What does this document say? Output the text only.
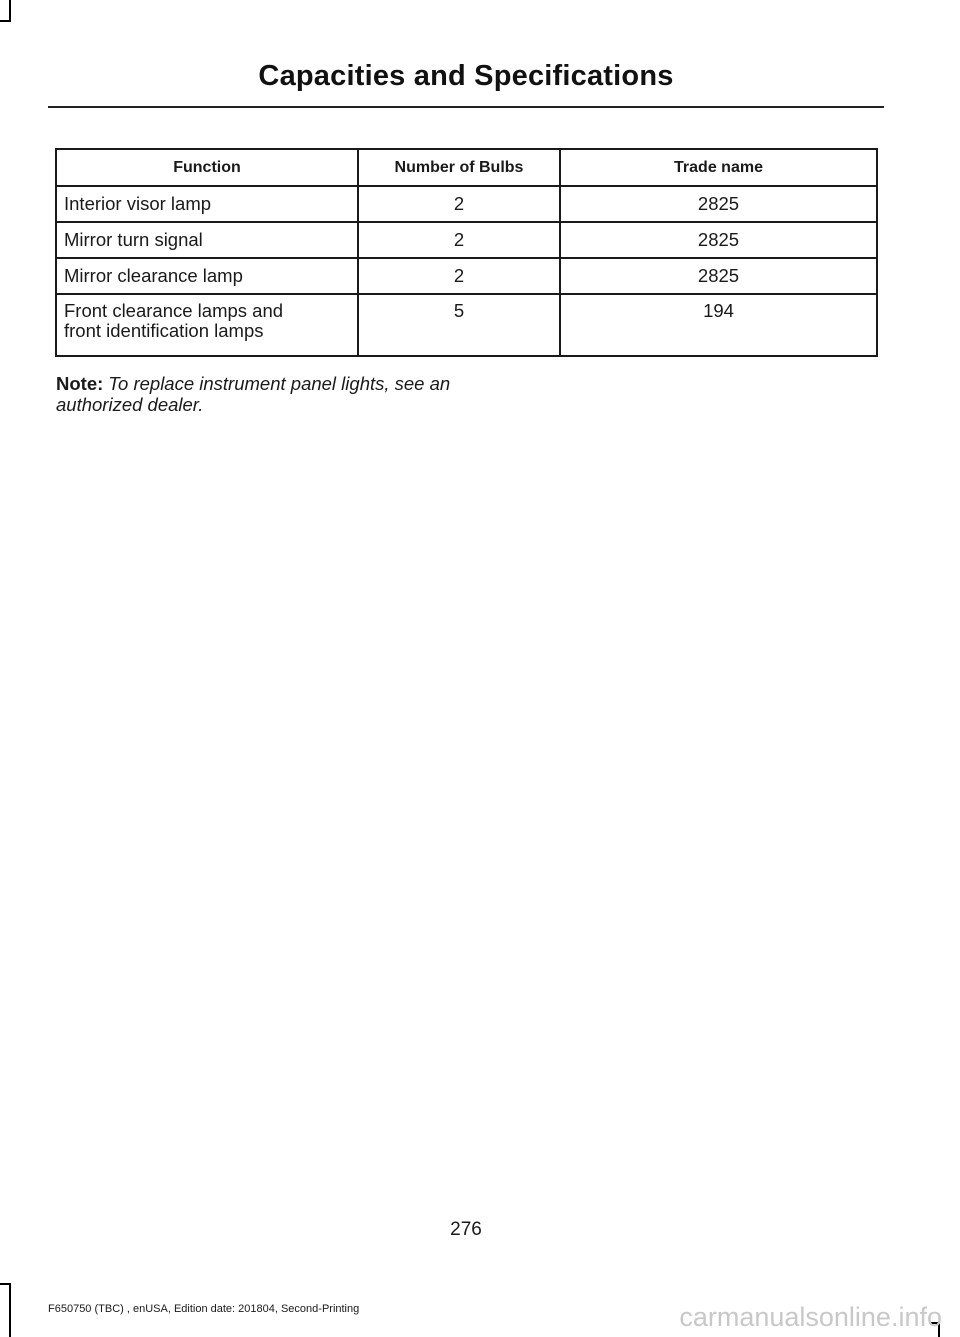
Capacities and Specifications
Function	Number of Bulbs	Trade name
Interior visor lamp	2	2825
Mirror turn signal	2	2825
Mirror clearance lamp	2	2825
Front clearance lamps and front identification lamps	5	194
Note: To replace instrument panel lights, see an authorized dealer.
276
F650750 (TBC) , enUSA, Edition date: 201804, Second-Printing	carmanualsonline.info
